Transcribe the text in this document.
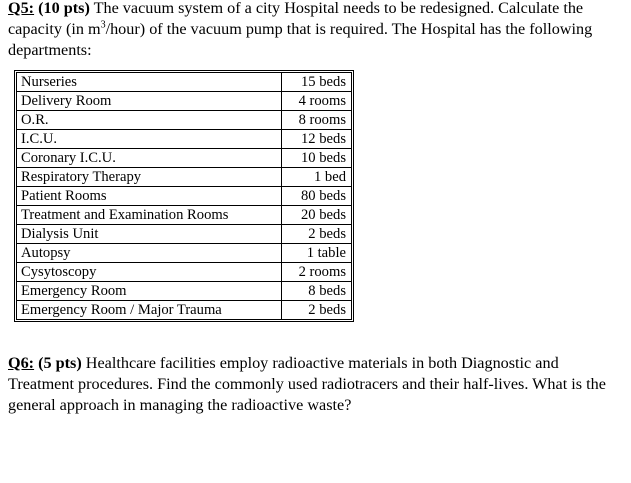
Q5: (10 pts) The vacuum system of a city Hospital needs to be redesigned. Calculate the capacity (in $m^3/hour$) of the vacuum pump that is required. The Hospital has the following departments:

Nurseries	15 beds
Delivery Room	4 rooms
O.R.	8 rooms
I.C.U.	12 beds
Coronary I.C.U.	10 beds
Respiratory Therapy	1 bed
Patient Rooms	80 beds
Treatment and Examination Rooms	20 beds
Dialysis Unit	2 beds
Autopsy	1 table
Cysytoscopy	2 rooms
Emergency Room	8 beds
Emergency Room / Major Trauma	2 beds

Q6: (5 pts) Healthcare facilities employ radioactive materials in both Diagnostic and Treatment procedures. Find the commonly used radiotracers and their half-lives. What is the general approach in managing the radioactive waste?
